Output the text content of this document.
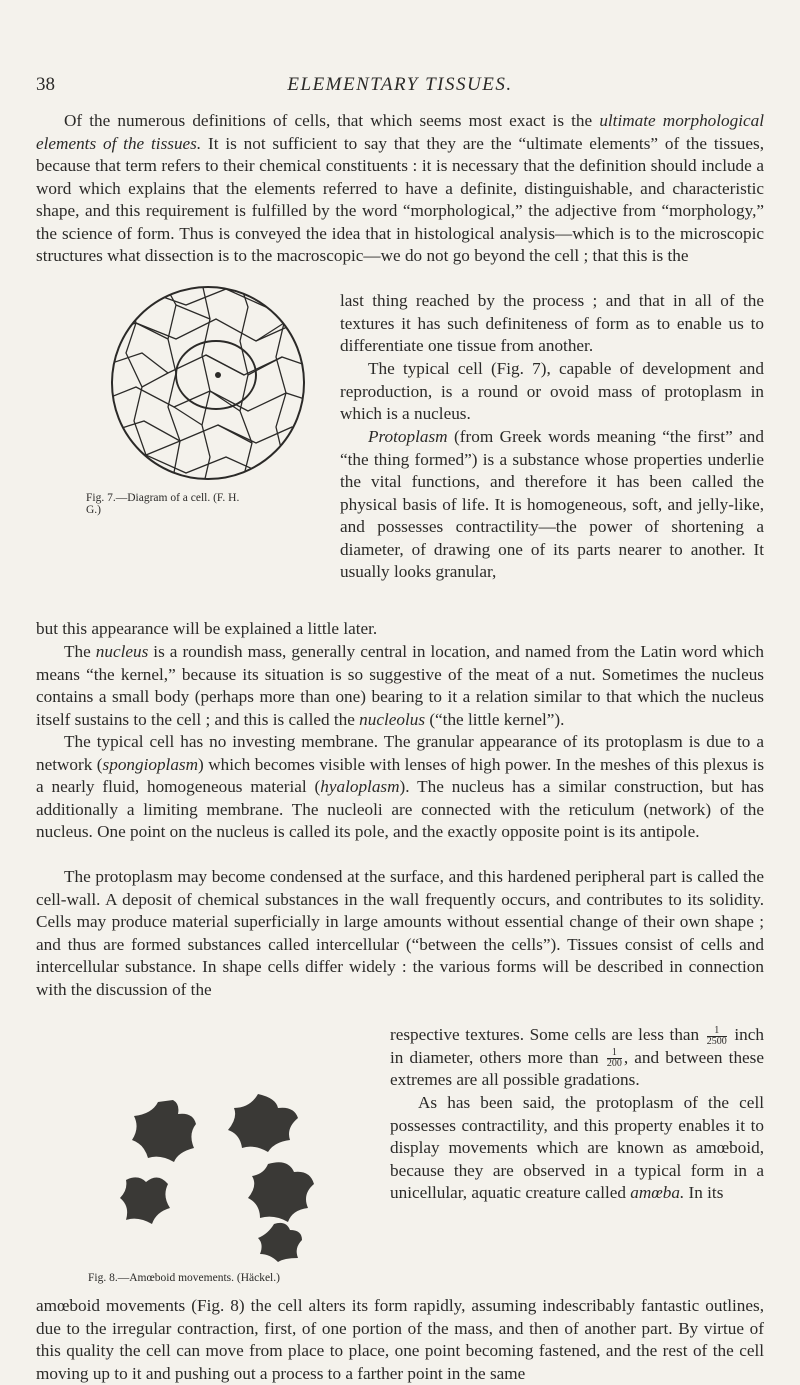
38	ELEMENTARY TISSUES.

Of the numerous definitions of cells, that which seems most exact is the ultimate morphological elements of the tissues. It is not sufficient to say that they are the “ultimate elements” of the tissues, because that term refers to their chemical constituents : it is necessary that the definition should include a word which explains that the elements referred to have a definite, distinguishable, and characteristic shape, and this requirement is fulfilled by the word “morphological,” the adjective from “morphology,” the science of form. Thus is conveyed the idea that in histological analysis—which is to the microscopic structures what dissection is to the macroscopic—we do not go beyond the cell ; that this is the

Fig. 7.—Diagram of a cell. (F. H. G.)

last thing reached by the process ; and that in all of the textures it has such definiteness of form as to enable us to differentiate one tissue from another.

The typical cell (Fig. 7), capable of development and reproduction, is a round or ovoid mass of protoplasm in which is a nucleus.

Protoplasm (from Greek words meaning “the first” and “the thing formed”) is a substance whose properties underlie the vital functions, and therefore it has been called the physical basis of life. It is homogeneous, soft, and jelly-like, and possesses contractility—the power of shortening a diameter, of drawing one of its parts nearer to another. It usually looks granular,

but this appearance will be explained a little later.

The nucleus is a roundish mass, generally central in location, and named from the Latin word which means “the kernel,” because its situation is so suggestive of the meat of a nut. Sometimes the nucleus contains a small body (perhaps more than one) bearing to it a relation similar to that which the nucleus itself sustains to the cell ; and this is called the nucleolus (“the little kernel”).

The typical cell has no investing membrane. The granular appearance of its protoplasm is due to a network (spongioplasm) which becomes visible with lenses of high power. In the meshes of this plexus is a nearly fluid, homogeneous material (hyaloplasm). The nucleus has a similar construction, but has additionally a limiting membrane. The nucleoli are connected with the reticulum (network) of the nucleus. One point on the nucleus is called its pole, and the exactly opposite point is its antipole.

The protoplasm may become condensed at the surface, and this hardened peripheral part is called the cell-wall. A deposit of chemical substances in the wall frequently occurs, and contributes to its solidity. Cells may produce material superficially in large amounts without essential change of their own shape ; and thus are formed substances called intercellular (“between the cells”). Tissues consist of cells and intercellular substance. In shape cells differ widely : the various forms will be described in connection with the discussion of the

Fig. 8.—Amœboid movements. (Häckel.)

respective textures. Some cells are less than $\frac{1}{2500}$ inch in diameter, others more than $\frac{1}{200}$ , and between these extremes are all possible gradations.

As has been said, the protoplasm of the cell possesses contractility, and this property enables it to display movements which are known as amœboid, because they are observed in a typical form in a unicellular, aquatic creature called amœba. In its

amœboid movements (Fig. 8) the cell alters its form rapidly, assuming indescribably fantastic outlines, due to the irregular contraction, first, of one portion of the mass, and then of another part. By virtue of this quality the cell can move from place to place, one point becoming fastened, and the rest of the cell moving up to it and pushing out a process to a farther point in the same
